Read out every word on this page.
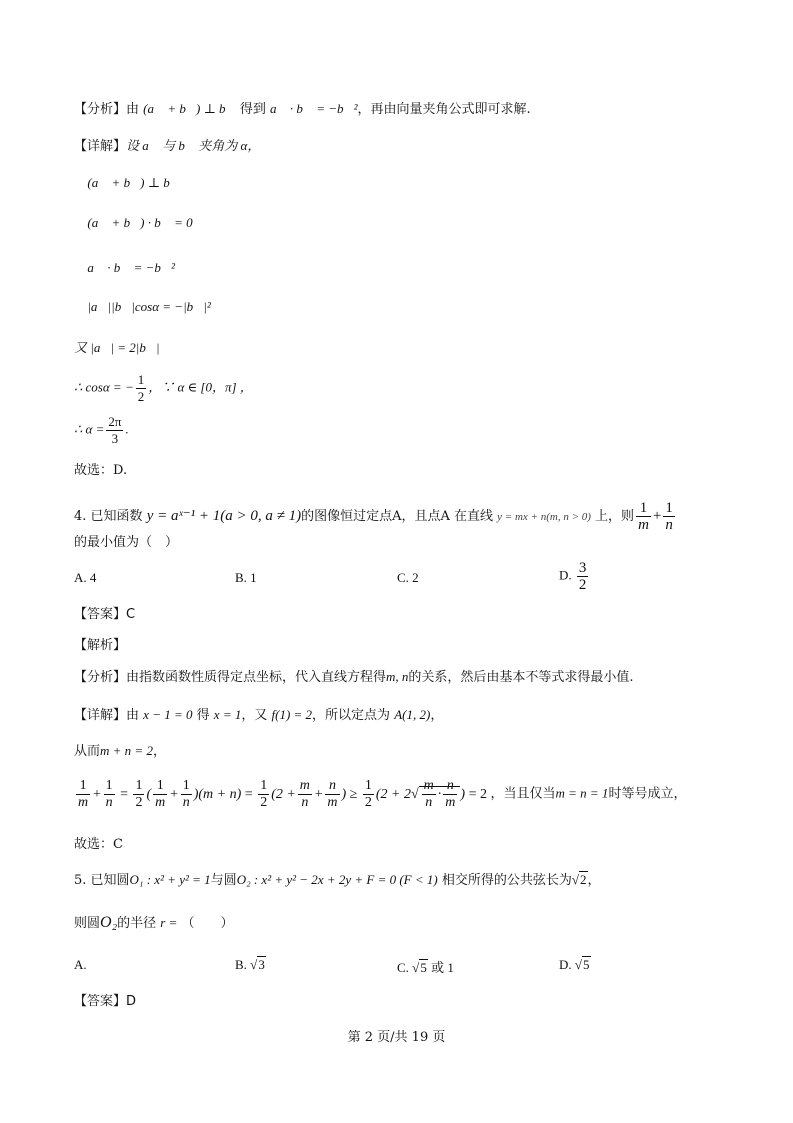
【分析】由 (a⃗ + b⃗) ⊥ b⃗ 得到 a⃗ · b⃗ = −b⃗²，再由向量夹角公式即可求解.
【详解】设 a⃗ 与 b⃗ 夹角为 α，
∵ (a⃗ + b⃗) ⊥ b⃗ ，
∴ (a⃗ + b⃗) · b⃗ = 0 ，
∴ a⃗ · b⃗ = −b⃗² ，
∴ |a⃗||b⃗|cosα = −|b⃗|² ，
又 |a⃗| = 2|b⃗| ，
∴ cosα = − $\frac{1}{2}$ ，∵ α ∈ [0，π] ，
∴ $\alpha = \frac{2\pi}{3}$ .
故选：D.
4. 已知函数 y = aˣ⁻¹ + 1(a > 0, a ≠ 1)的图像恒过定点A，且点A 在直线 y = mx + n(m, n > 0) 上，则 $\frac{1}{m} + \frac{1}{n}$
的最小值为（　）
A. 4	B. 1	C. 2	D. $\frac{3}{2}$
【答案】C
【解析】
【分析】由指数函数性质得定点坐标，代入直线方程得m, n的关系，然后由基本不等式求得最小值.
【详解】由 x − 1 = 0 得 x = 1，又 f(1) = 2，所以定点为 A(1, 2)，
从而m + n = 2，
$\frac{1}{m} + \frac{1}{n} = \frac{1}{2}$ ( $\frac{1}{m} + \frac{1}{n} )(m + n) = \frac{1}{2} (2 + \frac{m}{n} + \frac{n}{m}$ ) ≥ $\frac{1}{2} (2 + 2√ \frac{m}{n} \cdot \frac{n}{m}$ ) = 2 ，当且仅当m = n = 1时等号成立，
故选：C
5. 已知圆O₁ : x² + y² = 1与圆O₂ : x² + y² − 2x + 2y + F = 0 (F < 1) 相交所得的公共弦长为√2，
则圆O₂的半径 r = （　　）
A.	B. √3	C. √5 或 1	D. √5
【答案】D
第 2 页/共 19 页
